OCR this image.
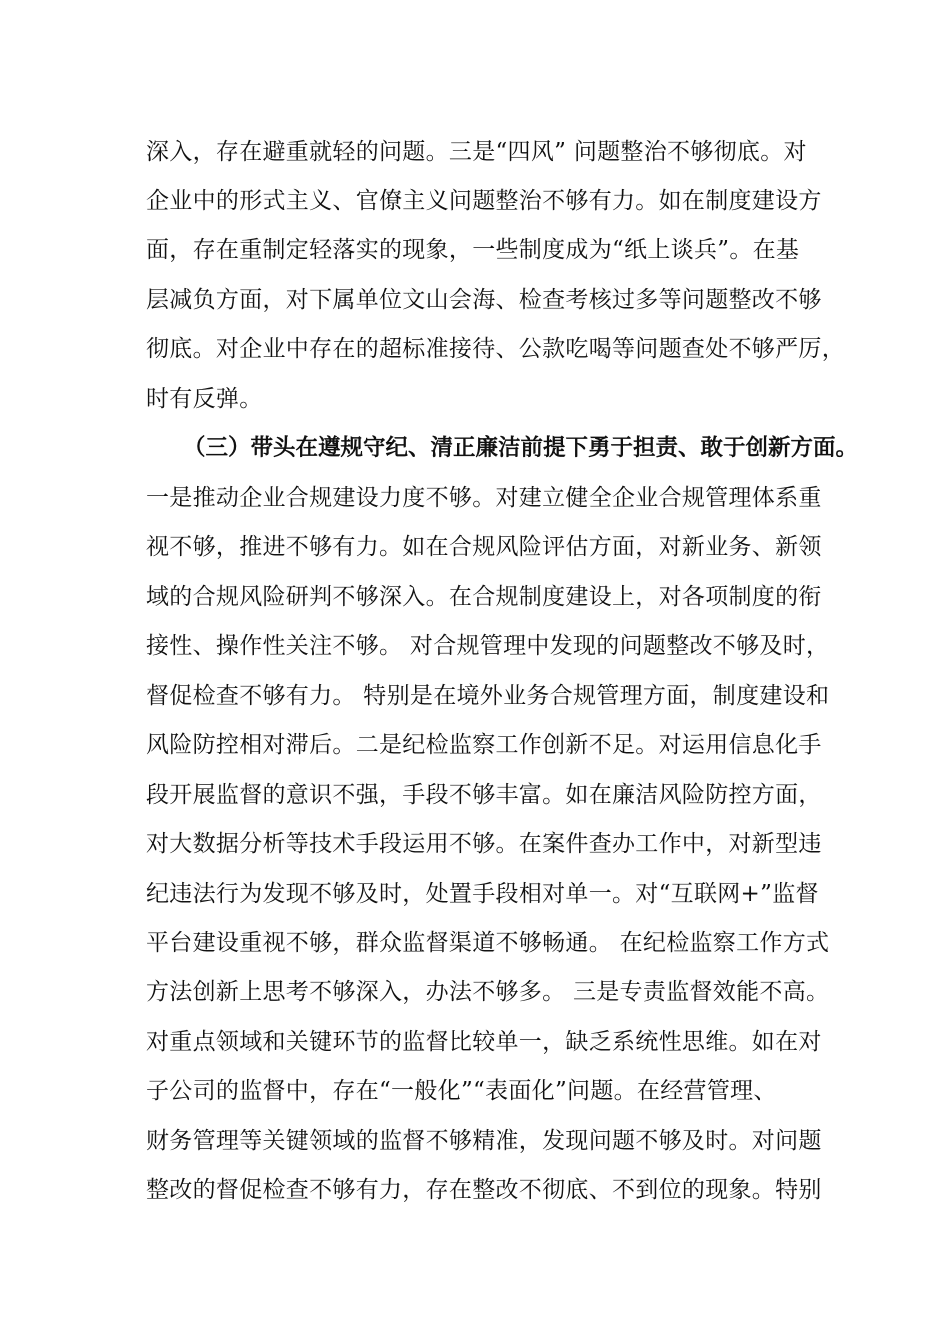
深入，存在避重就轻的问题。三是“四风” 问题整治不够彻底。对
企业中的形式主义、官僚主义问题整治不够有力。如在制度建设方
面，存在重制定轻落实的现象，一些制度成为“纸上谈兵”。在基
层减负方面，对下属单位文山会海、检查考核过多等问题整改不够
彻底。对企业中存在的超标准接待、公款吃喝等问题查处不够严厉，
时有反弹。
（三）带头在遵规守纪、清正廉洁前提下勇于担责、敢于创新方面。
一是推动企业合规建设力度不够。对建立健全企业合规管理体系重
视不够，推进不够有力。如在合规风险评估方面，对新业务、新领
域的合规风险研判不够深入。在合规制度建设上，对各项制度的衔
接性、操作性关注不够。 对合规管理中发现的问题整改不够及时，
督促检查不够有力。 特别是在境外业务合规管理方面，制度建设和
风险防控相对滞后。二是纪检监察工作创新不足。对运用信息化手
段开展监督的意识不强，手段不够丰富。如在廉洁风险防控方面，
对大数据分析等技术手段运用不够。在案件查办工作中，对新型违
纪违法行为发现不够及时，处置手段相对单一。对“互联网+”监督
平台建设重视不够，群众监督渠道不够畅通。 在纪检监察工作方式
方法创新上思考不够深入，办法不够多。 三是专责监督效能不高。
对重点领域和关键环节的监督比较单一，缺乏系统性思维。如在对
子公司的监督中，存在“一般化”“表面化”问题。在经营管理、
财务管理等关键领域的监督不够精准，发现问题不够及时。对问题
整改的督促检查不够有力，存在整改不彻底、不到位的现象。特别
